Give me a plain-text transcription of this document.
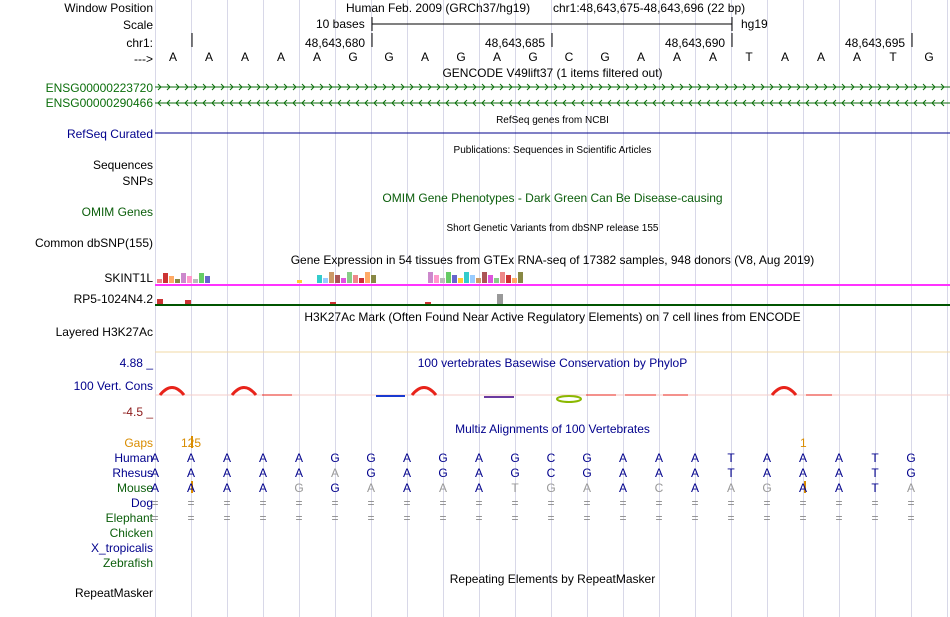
Window Position
Scale
chr1:
--->
ENSG00000223720
ENSG00000290466
RefSeq Curated
Sequences
SNPs
OMIM Genes
Common dbSNP(155)
SKINT1L
RP5-1024N4.2
Layered H3K27Ac
4.88 _
100 Vert. Cons
-4.5 _
Gaps
Human
Rhesus
Mouse
Dog
Elephant
Chicken
X_tropicalis
Zebrafish
RepeatMasker
Human Feb. 2009 (GRCh37/hg19) chr1:48,643,675-48,643,696 (22 bp)
10 bases	hg19
48,643,680	48,643,685	48,643,690	48,643,695
A	A	A	A	A	G	G	A	G	A	G	C	G	A	A	A	T	A	A	A	T	G
GENCODE V49lift37 (1 items filtered out)
RefSeq genes from NCBI
Publications: Sequences in Scientific Articles
OMIM Gene Phenotypes - Dark Green Can Be Disease-causing
Short Genetic Variants from dbSNP release 155
Gene Expression in 54 tissues from GTEx RNA-seq of 17382 samples, 948 donors (V8, Aug 2019)
H3K27Ac Mark (Often Found Near Active Regulatory Elements) on 7 cell lines from ENCODE
100 vertebrates Basewise Conservation by PhyloP
Multiz Alignments of 100 Vertebrates
Repeating Elements by RepeatMasker
125	1
A	A	A	A	A	G	G	A	G	A	G	C	G	A	A	A	T	A	A	A	T	G
A	A	A	A	A	A	G	A	G	A	G	C	G	A	A	A	T	A	A	A	T	G
A	A	A	A	G	G	A	A	A	A	T	G	A	A	C	A	A	G	A	A	T	A
=	=	=	=	=	=	=	=	=	=	=	=	=	=	=	=	=	=	=	=	=	=
=	=	=	=	=	=	=	=	=	=	=	=	=	=	=	=	=	=	=	=	=	=
